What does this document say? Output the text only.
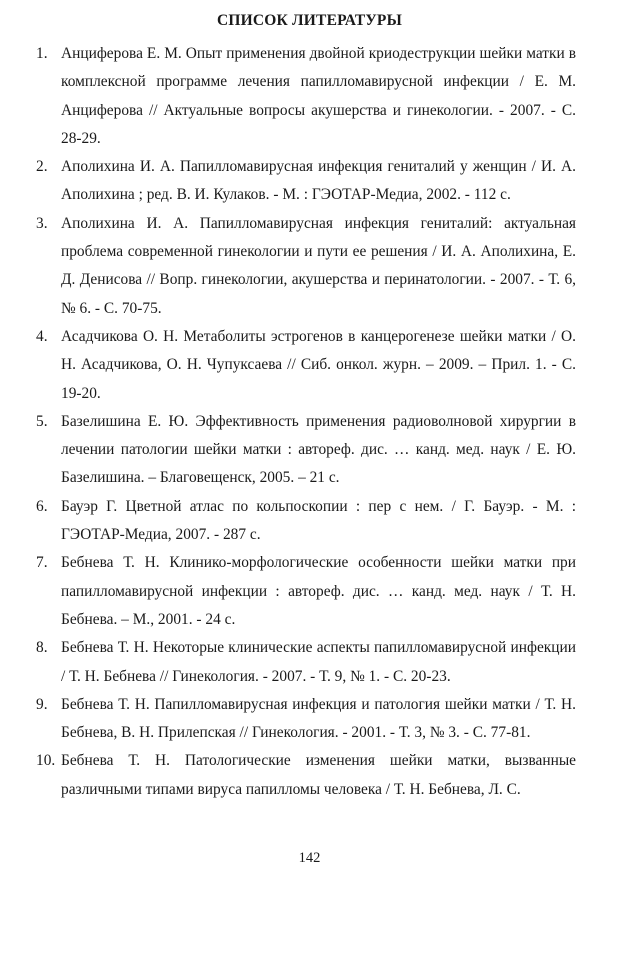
СПИСОК ЛИТЕРАТУРЫ
1. Анциферова Е. М. Опыт применения двойной криодеструкции шейки матки в комплексной программе лечения папилломавирусной инфекции / Е. М. Анциферова // Актуальные вопросы акушерства и гинекологии. - 2007. - С. 28-29.
2. Аполихина И. А. Папилломавирусная инфекция гениталий у женщин / И. А. Аполихина ; ред. В. И. Кулаков. - М. : ГЭОТАР-Медиа, 2002. - 112 с.
3. Аполихина И. А. Папилломавирусная инфекция гениталий: актуальная проблема современной гинекологии и пути ее решения / И. А. Аполихина, Е. Д. Денисова // Вопр. гинекологии, акушерства и перинатологии. - 2007. - Т. 6, № 6. - С. 70-75.
4. Асадчикова О. Н. Метаболиты эстрогенов в канцерогенезе шейки матки / О. Н. Асадчикова, О. Н. Чупуксаева // Сиб. онкол. журн. – 2009. – Прил. 1. - С. 19-20.
5. Базелишина Е. Ю. Эффективность применения радиоволновой хирургии в лечении патологии шейки матки : автореф. дис. … канд. мед. наук / Е. Ю. Базелишина. – Благовещенск, 2005. – 21 с.
6. Бауэр Г. Цветной атлас по кольпоскопии : пер с нем. / Г. Бауэр. - М. : ГЭОТАР-Медиа, 2007. - 287 с.
7. Бебнева Т. Н. Клинико-морфологические особенности шейки матки при папилломавирусной инфекции : автореф. дис. … канд. мед. наук / Т. Н. Бебнева. – М., 2001. - 24 с.
8. Бебнева Т. Н. Некоторые клинические аспекты папилломавирусной инфекции / Т. Н. Бебнева // Гинекология. - 2007. - Т. 9, № 1. - С. 20-23.
9. Бебнева Т. Н. Папилломавирусная инфекция и патология шейки матки / Т. Н. Бебнева, В. Н. Прилепская // Гинекология. - 2001. - Т. 3, № 3. - С. 77-81.
10. Бебнева Т. Н. Патологические изменения шейки матки, вызванные различными типами вируса папилломы человека / Т. Н. Бебнева, Л. С.
142
